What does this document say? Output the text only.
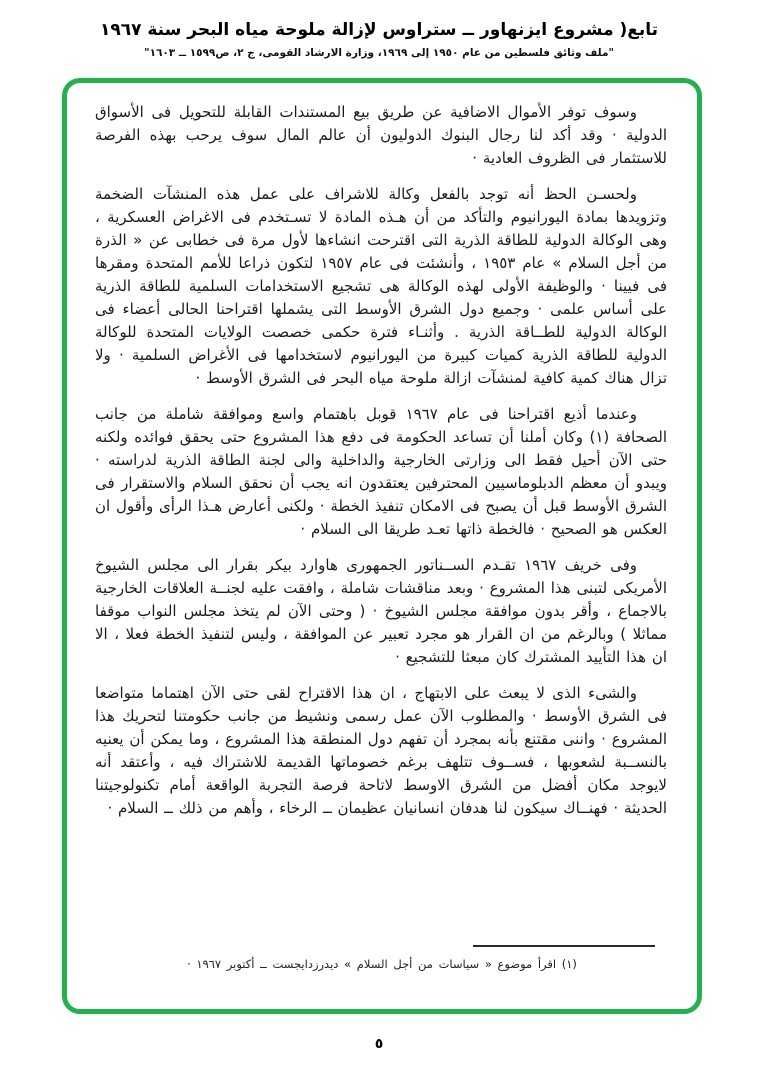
تابع( مشروع ايزنهاور ــ ستراوس لإزالة ملوحة مياه البحر سنة ١٩٦٧
"ملف وثائق فلسطين من عام ١٩٥٠ إلى ١٩٦٩، وزارة الارشاد القومى، ج ٢، ص١٥٩٩ ــ ١٦٠٣"

وسوف توفر الأموال الاضافية عن طريق بيع المستندات القابلة للتحويل فى الأسواق الدولية · وقد أكد لنا رجال البنوك الدوليون أن عالم المال سوف يرحب بهذه الفرصة للاستثمار فى الظروف العادية ·

ولحسـن الحظ أنه توجد بالفعل وكالة للاشراف على عمل هذه المنشآت الضخمة وتزويدها بمادة اليورانيوم والتأكد من أن هـذه المادة لا تسـتخدم فى الاغراض العسكرية ، وهى الوكالة الدولية للطاقة الذرية التى اقترحت انشاءها لأول مرة فى خطابى عن « الذرة من أجل السلام » عام ١٩٥٣ ، وأنشئت فى عام ١٩٥٧ لتكون ذراعا للأمم المتحدة ومقرها فى فيينا · والوظيفة الأولى لهذه الوكالة هى تشجيع الاستخدامات السلمية للطاقة الذرية على أساس علمى · وجميع دول الشرق الأوسط التى يشملها اقتراحنا الحالى أعضاء فى الوكالة الدولية للطــاقة الذرية . وأثنـاء فترة حكمى خصصت الولايات المتحدة للوكالة الدولية للطاقة الذرية كميات كبيرة من اليورانيوم لاستخدامها فى الأغراض السلمية · ولا تزال هناك كمية كافية لمنشآت ازالة ملوحة مياه البحر فى الشرق الأوسط ·

وعندما أذيع اقتراحنا فى عام ١٩٦٧ قوبل باهتمام واسع وموافقة شاملة من جانب الصحافة (١) وكان أملنا أن تساعد الحكومة فى دفع هذا المشروع حتى يحقق فوائده ولكنه حتى الآن أحيل فقط الى وزارتى الخارجية والداخلية والى لجنة الطاقة الذرية لدراسته · ويبدو أن معظم الدبلوماسيين المحترفين يعتقدون انه يجب أن نحقق السلام والاستقرار فى الشرق الأوسط قبل أن يصبح فى الامكان تنفيذ الخطة · ولكنى أعارض هـذا الرأى وأقول ان العكس هو الصحيح · فالخطة ذاتها تعـد طريقا الى السلام ·

وفى خريف ١٩٦٧ تقـدم الســناتور الجمهورى هاوارد بيكر بقرار الى مجلس الشيوخ الأمريكى لتبنى هذا المشروع · وبعد مناقشات شاملة ، وافقت عليه لجنــة العلاقات الخارجية بالاجماع ، وأقر بدون موافقة مجلس الشيوخ · ( وحتى الآن لم يتخذ مجلس النواب موقفا مماثلا ) وبالرغم من ان القرار هو مجرد تعبير عن الموافقة ، وليس لتنفيذ الخطة فعلا ، الا ان هذا التأييد المشترك كان مبعثا للتشجيع ·

والشىء الذى لا يبعث على الابتهاج ، ان هذا الاقتراح لقى حتى الآن اهتماما متواضعا فى الشرق الأوسط · والمطلوب الآن عمل رسمى ونشيط من جانب حكومتنا لتحريك هذا المشروع · واننى مقتنع بأنه بمجرد أن تفهم دول المنطقة هذا المشروع ، وما يمكن أن يعنيه بالنســبة لشعوبها ، فســوف تتلهف برغم خصوماتها القديمة للاشتراك فيه ، وأعتقد أنه لايوجد مكان أفضل من الشرق الاوسط لاتاحة فرصة التجربة الواقعة أمام تكنولوجيتنا الحديثة · فهنــاك سيكون لنا هدفان انسانيان عظيمان ــ الرخاء ، وأهم من ذلك ــ السلام ·

(١) اقرأ موضوع « سياسات من أجل السلام » ديدرزدايجست ــ أكتوبر ١٩٦٧ ·
٥
